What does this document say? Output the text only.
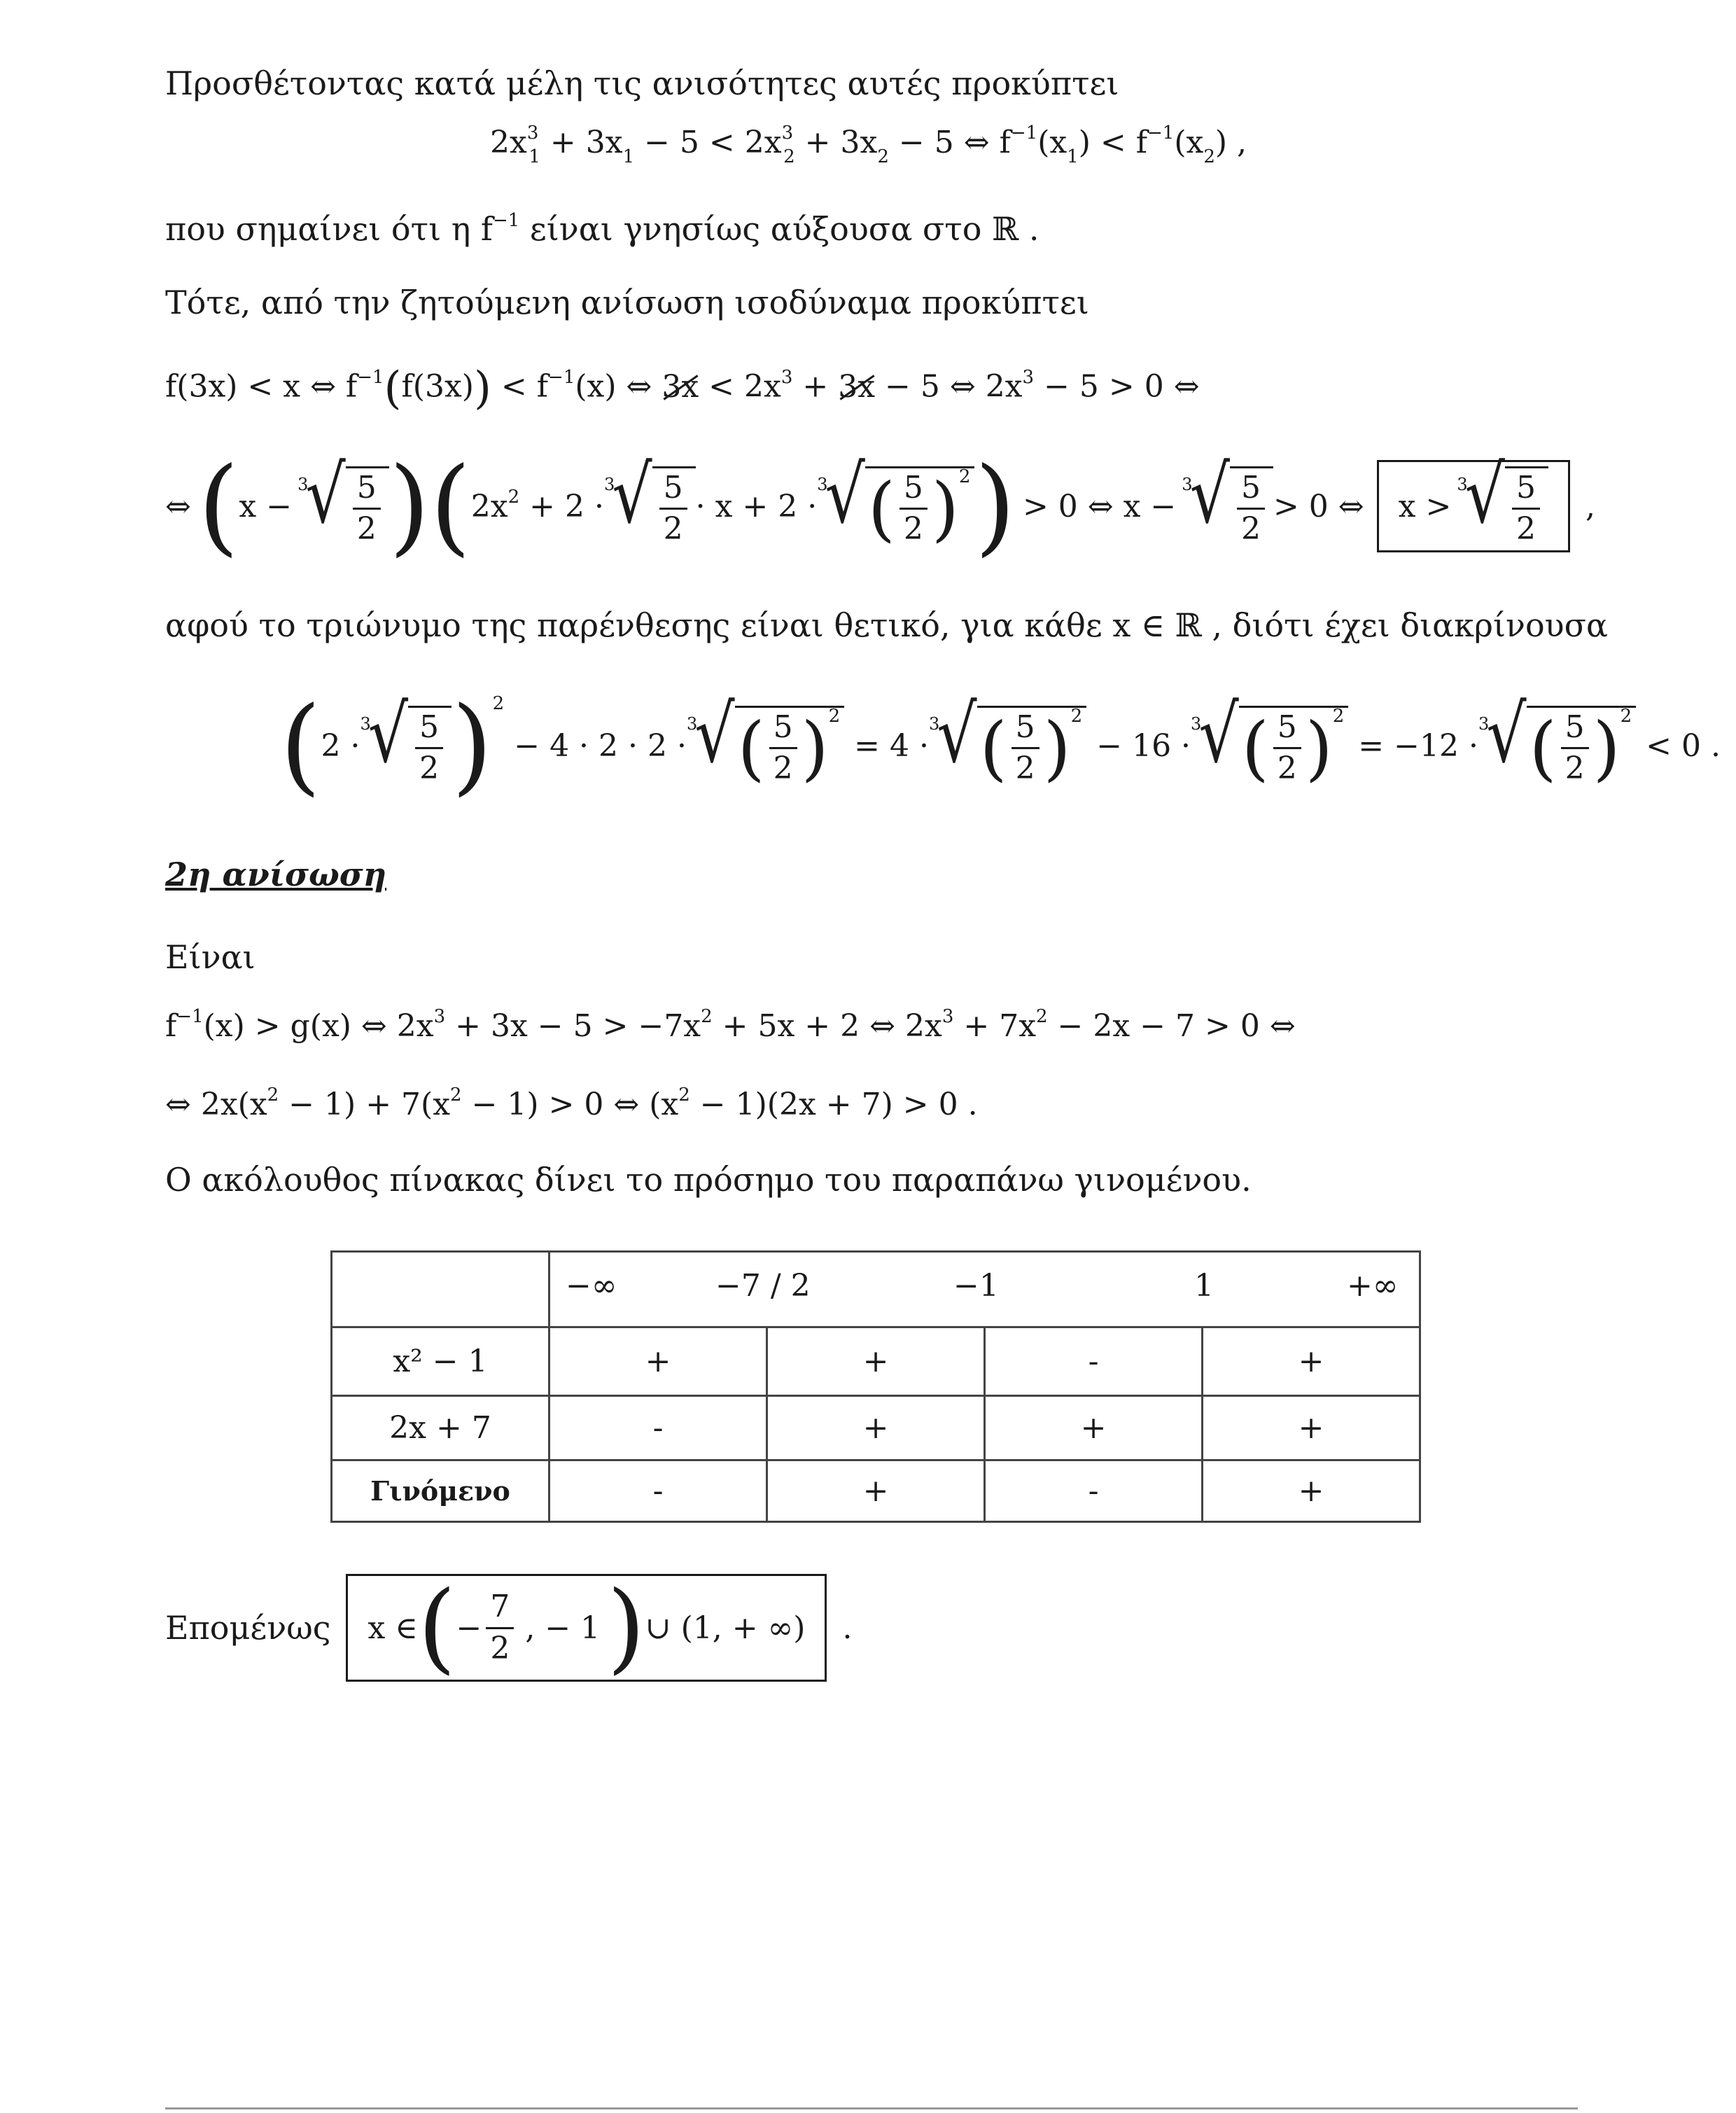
Προσθέτοντας κατά μέλη τις ανισότητες αυτές προκύπτει
$2x^3_1 + 3x_1 - 5 < 2x^3_2 + 3x_2 - 5$ ⇔ $f^{-1}(x_1) < f^{-1}(x_2)$ ,
που σημαίνει ότι η $f^{-1}$ είναι γνησίως αύξουσα στο ℝ .
Τότε, από την ζητούμενη ανίσωση ισοδύναμα προκύπτει
f(3x) < x ⇔ $f^{-1}(f(3x)) < f^{-1}(x)$ ⇔ $3x < 2x^3 + 3x - 5$ ⇔ $2x^3 - 5 > 0$ ⇔
⇔ ( x −
3
√ $\frac{5}{2}$ ) ( $2x^2 + 2$ ·
3
√ $\frac{5}{2} \cdot x + 2$ ·
3
√ ( $\frac{5}{2}$ ) 2 ) > 0 ⇔ x −
3
√ $\frac{5}{2} > 0$ ⇔ x >
3
√ $\frac{5}{2}$ ,
αφού το τριώνυμο της παρένθεσης είναι θετικό, για κάθε x ∈ ℝ , διότι έχει διακρίνουσα
( 2 ·
3
√ $\frac{5}{2}$ ) 2
− 4 · 2 · 2 ·
3
√ ( $\frac{5}{2}$ ) 2
= 4 ·
3
√ ( $\frac{5}{2}$ ) 2
− 16 ·
3
√ ( $\frac{5}{2}$ ) 2
= −12 ·
3
√ ( $\frac{5}{2}$ ) 2
< 0 .
2η ανίσωση
Είναι
$f^{-1}(x) > g(x)$ ⇔ $2x^3 + 3x - 5 > -7x^2 + 5x + 2$ ⇔ $2x^3 + 7x^2 - 2x - 7 > 0$ ⇔
⇔ $2x(x^2 - 1) + 7(x^2 - 1) > 0$ ⇔ $(x^2 - 1)(2x + 7) > 0$ .
Ο ακόλουθος πίνακας δίνει το πρόσημο του παραπάνω γινομένου.

	−∞ −7 / 2 −1 1 +∞			

x² − 1	+	+	-	+
2x + 7	-	+	+	+
Γινόμενο	-	+	-	+
Επομένως x ∈ ( − $\frac{7}{2}$ , − 1 ) ∪ (1, + ∞) .
